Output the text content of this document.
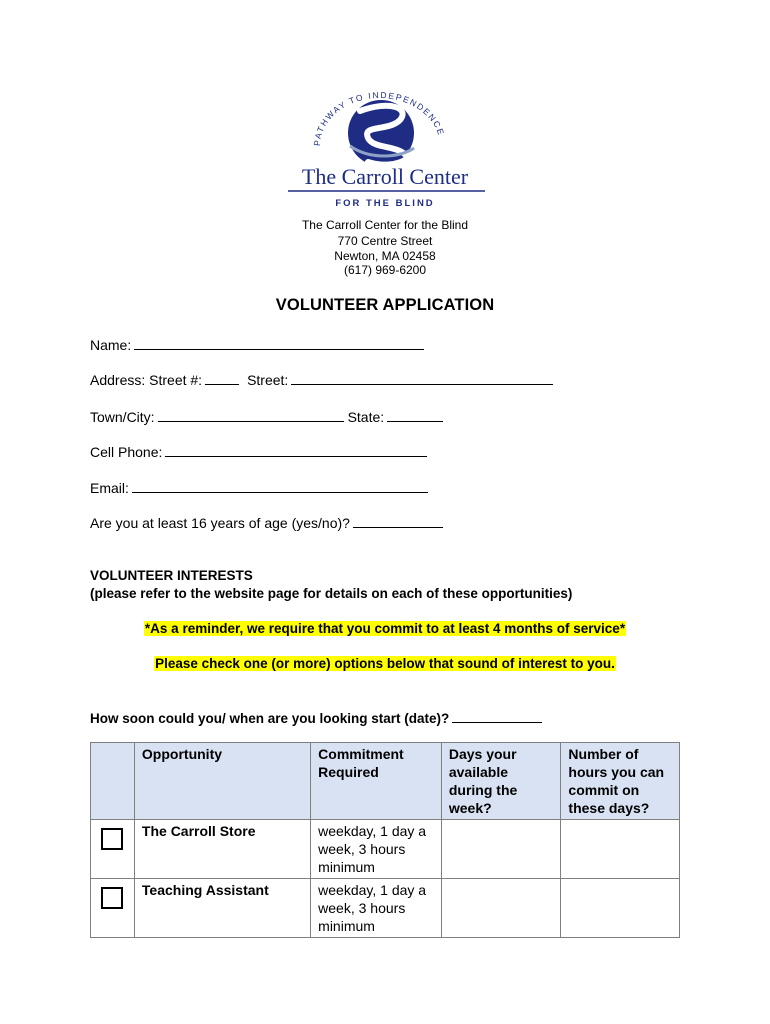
PATHWAY TO INDEPENDENCE
The Carroll Center
FOR THE BLIND
The Carroll Center for the Blind
770 Centre Street
Newton, MA 02458
(617) 969-6200
VOLUNTEER APPLICATION
Name:
Address: Street #:	Street:
Town/City:	State:
Cell Phone:
Email:
Are you at least 16 years of age (yes/no)?
VOLUNTEER INTERESTS
(please refer to the website page for details on each of these opportunities)
*As a reminder, we require that you commit to at least 4 months of service*
Please check one (or more) options below that sound of interest to you.
How soon could you/ when are you looking start (date)?
	Opportunity	Commitment Required	Days your available during the week?	Number of hours you can commit on these days?
	The Carroll Store	weekday, 1 day a week, 3 hours minimum		
	Teaching Assistant	weekday, 1 day a week, 3 hours minimum		
